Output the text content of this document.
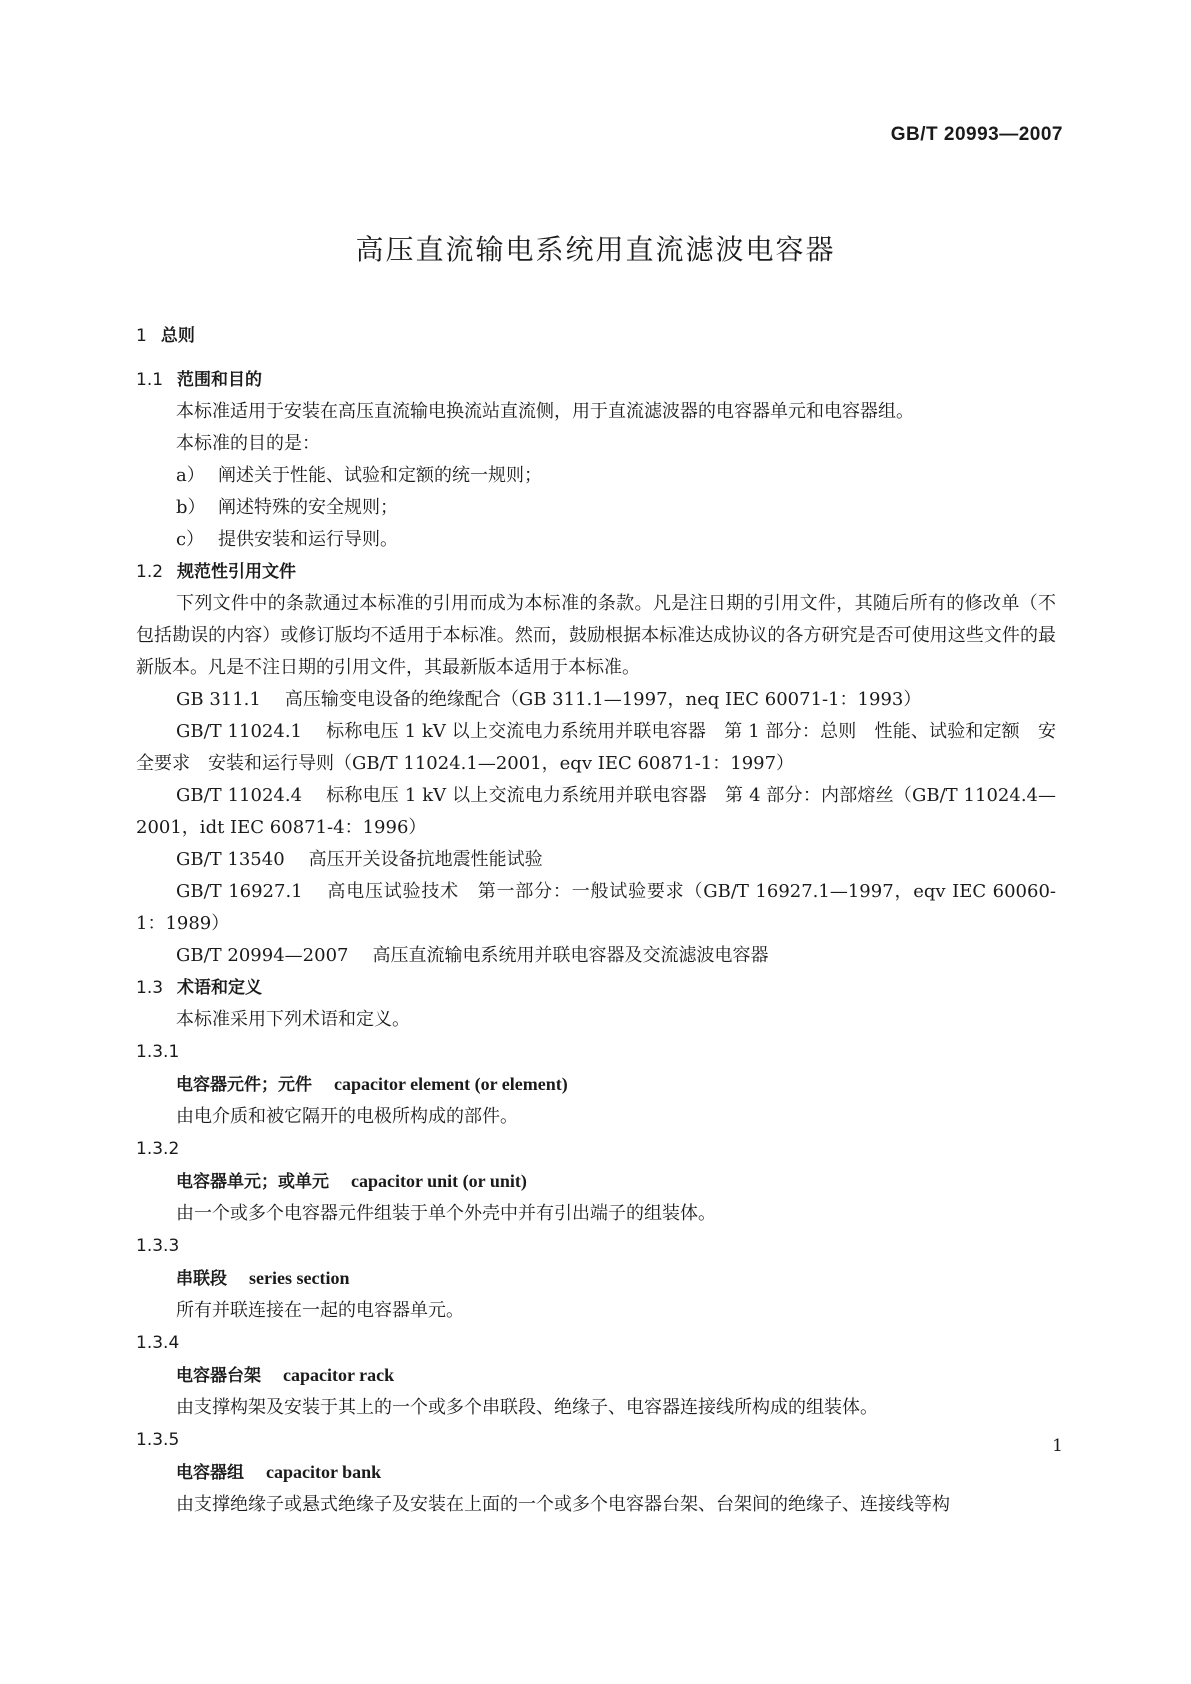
GB/T 20993—2007
高压直流输电系统用直流滤波电容器
1 总则
1.1 范围和目的
本标准适用于安装在高压直流输电换流站直流侧，用于直流滤波器的电容器单元和电容器组。
本标准的目的是：
a） 阐述关于性能、试验和定额的统一规则；
b） 阐述特殊的安全规则；
c） 提供安装和运行导则。
1.2 规范性引用文件
下列文件中的条款通过本标准的引用而成为本标准的条款。凡是注日期的引用文件，其随后所有的修改单（不包括勘误的内容）或修订版均不适用于本标准。然而，鼓励根据本标准达成协议的各方研究是否可使用这些文件的最新版本。凡是不注日期的引用文件，其最新版本适用于本标准。
GB 311.1 高压输变电设备的绝缘配合（GB 311.1—1997，neq IEC 60071-1：1993）
GB/T 11024.1 标称电压 1 kV 以上交流电力系统用并联电容器　第 1 部分：总则　性能、试验和定额　安全要求　安装和运行导则（GB/T 11024.1—2001，eqv IEC 60871-1：1997）
GB/T 11024.4 标称电压 1 kV 以上交流电力系统用并联电容器　第 4 部分：内部熔丝（GB/T 11024.4—2001，idt IEC 60871-4：1996）
GB/T 13540 高压开关设备抗地震性能试验
GB/T 16927.1 高电压试验技术　第一部分：一般试验要求（GB/T 16927.1—1997，eqv IEC 60060-1：1989）
GB/T 20994—2007 高压直流输电系统用并联电容器及交流滤波电容器
1.3 术语和定义
本标准采用下列术语和定义。
1.3.1
电容器元件；元件 capacitor element (or element)
由电介质和被它隔开的电极所构成的部件。
1.3.2
电容器单元；或单元 capacitor unit (or unit)
由一个或多个电容器元件组装于单个外壳中并有引出端子的组装体。
1.3.3
串联段 series section
所有并联连接在一起的电容器单元。
1.3.4
电容器台架 capacitor rack
由支撑构架及安装于其上的一个或多个串联段、绝缘子、电容器连接线所构成的组装体。
1.3.5
电容器组 capacitor bank
由支撑绝缘子或悬式绝缘子及安装在上面的一个或多个电容器台架、台架间的绝缘子、连接线等构
1
